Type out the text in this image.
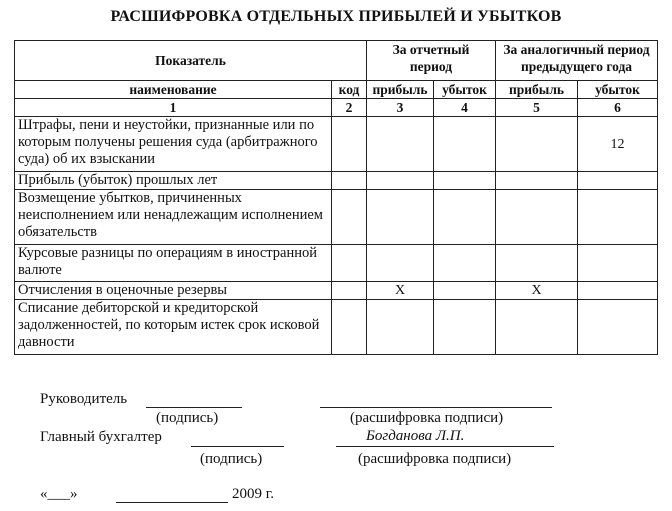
РАСШИФРОВКА ОТДЕЛЬНЫХ ПРИБЫЛЕЙ И УБЫТКОВ
Показатель		За отчетный период		За аналогичный период предыдущего года	
наименование	код	прибыль	убыток	прибыль	убыток
1	2	3	4	5	6
Штрафы, пени и неустойки, признанные или по которым получены решения суда (арбитражного суда) об их взыскании					12
Прибыль (убыток) прошлых лет					
Возмещение убытков, причиненных неисполнением или ненадлежащим исполнением обязательств					
Курсовые разницы по операциям в иностранной валюте					
Отчисления в оценочные резервы		Х		Х	
Списание дебиторской и кредиторской задолженностей, по которым истек срок исковой давности					
Руководитель
(подпись)	(расшифровка подписи)
Главный бухгалтер	Богданова Л.П.
(подпись)	(расшифровка подписи)
«___»	2009 г.
